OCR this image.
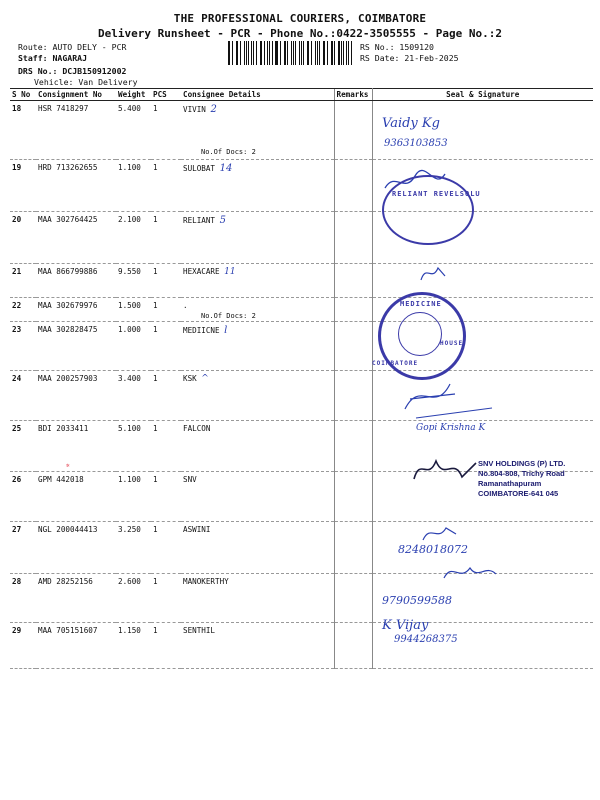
THE PROFESSIONAL COURIERS, COIMBATORE
Delivery Runsheet - PCR - Phone No.:0422-3505555 - Page No.:2
Route: AUTO DELY - PCR
Staff: NAGARAJ
DRS No.: DCJB150912002
Vehicle: Van Delivery
RS No.: 1509120
RS Date: 21-Feb-2025
S No	Consignment No	Weight	PCS	Consignee Details	Remarks	Seal & Signature
18	HSR 7418297	5.400	1	VIVIN 2
No.Of Docs: 2		

19	HRD 713262655	1.100	1	SULOBAT 14		
20	MAA 302764425	2.100	1	RELIANT 5		
21	MAA 866799886	9.550	1	HEXACARE 11		
22	MAA 302679976	1.500	1	.
No.Of Docs: 2		

23	MAA 302828475	1.000	1	MEDIICNE l		
24	MAA 200257903	3.400	1	KSK ^		
25	BDI 2033411	5.100	1	FALCON		
26	GPM 442018	1.100	1	SNV		
27	NGL 200044413	3.250	1	ASWINI		
28	AMD 28252156	2.600	1	MANOKERTHY		
29	MAA 705151607	1.150	1	SENTHIL		
Vaidy Kg
9363103853
RELIANT REVELSOLU
MEDICINE
COIMBATORE
HOUSE
Gopi Krishna K
SNV HOLDINGS (P) LTD.
No.804-808, Trichy Road
Ramanathapuram
COIMBATORE-641 045
✲
8248018072
9790599588
K Vijay
9944268375
